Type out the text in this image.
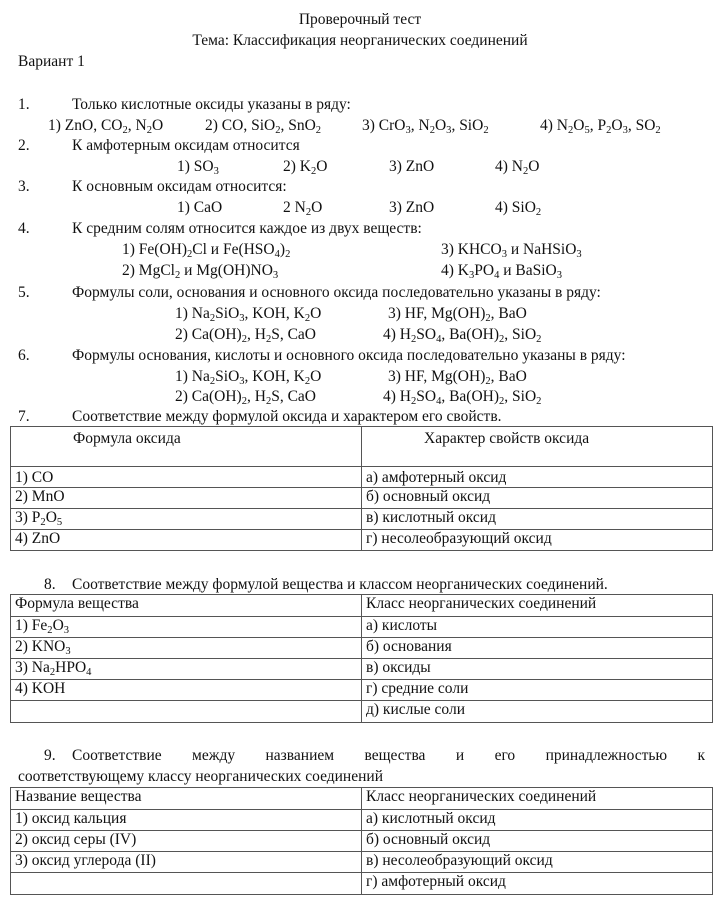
Проверочный тест
Тема: Классификация неорганических соединений
Вариант 1
1.	Только кислотные оксиды указаны в ряду:
1) ZnO, $CO_2$, $N_2O$	2) CO, SiO$_2$, SnO$_2$	3) CrO$_3$, $N_2O_3$, SiO$_2$	4) $N_2O_5$, $P_2O_3$, $SO_2$
2.	К амфотерным оксидам относится
1) $SO_3$	2) $K_2O$	3) ZnO	4) $N_2O$
3.	К основным оксидам относится:
1) CaO	2 $N_2O$	3) ZnO	4) SiO$_2$
4.	К средним солям относится каждое из двух веществ:
1) $Fe(OH)_2Cl$ и $Fe(HSO_4)_2$	3) $KHCO_3$ и NaHSiO$_3$
2) MgCl$_2$ и $Mg(OH)NO_3$	4) $K_3PO_4$ и BaSiO$_3$
5.	Формулы соли, основания и основного оксида последовательно указаны в ряду:
1) $Na_2SiO_3$, KOH, $K_2O$	3) HF, $Mg(OH)_2$, BaO
2) $Ca(OH)_2$, $H_2S$, CaO	4) $H_2SO_4$, $Ba(OH)_2$, SiO$_2$
6.	Формулы основания, кислоты и основного оксида последовательно указаны в ряду:
1) $Na_2SiO_3$, KOH, $K_2O$	3) HF, $Mg(OH)_2$, BaO
2) $Ca(OH)_2$, $H_2S$, CaO	4) $H_2SO_4$, $Ba(OH)_2$, SiO$_2$
7.	Соответствие между формулой оксида и характером его свойств.
Формула оксида	Характер свойств оксида
1) CO	а) амфотерный оксид
2) MnO	б) основный оксид
3) $P_2O_5$	в) кислотный оксид
4) ZnO	г) несолеобразующий оксид
8. Соответствие между формулой вещества и классом неорганических соединений.
Формула вещества	Класс неорганических соединений
1) $Fe_2O_3$	а) кислоты
2) $KNO_3$	б) основания
3) $Na_2HPO_4$	в) оксиды
4) KOH	г) средние соли
	д) кислые соли
9. Соответствие между названием вещества и его принадлежностью к
соответствующему классу неорганических соединений
Название вещества	Класс неорганических соединений
1) оксид кальция	а) кислотный оксид
2) оксид серы (IV)	б) основный оксид
3) оксид углерода (II)	в) несолеобразующий оксид
	г) амфотерный оксид
